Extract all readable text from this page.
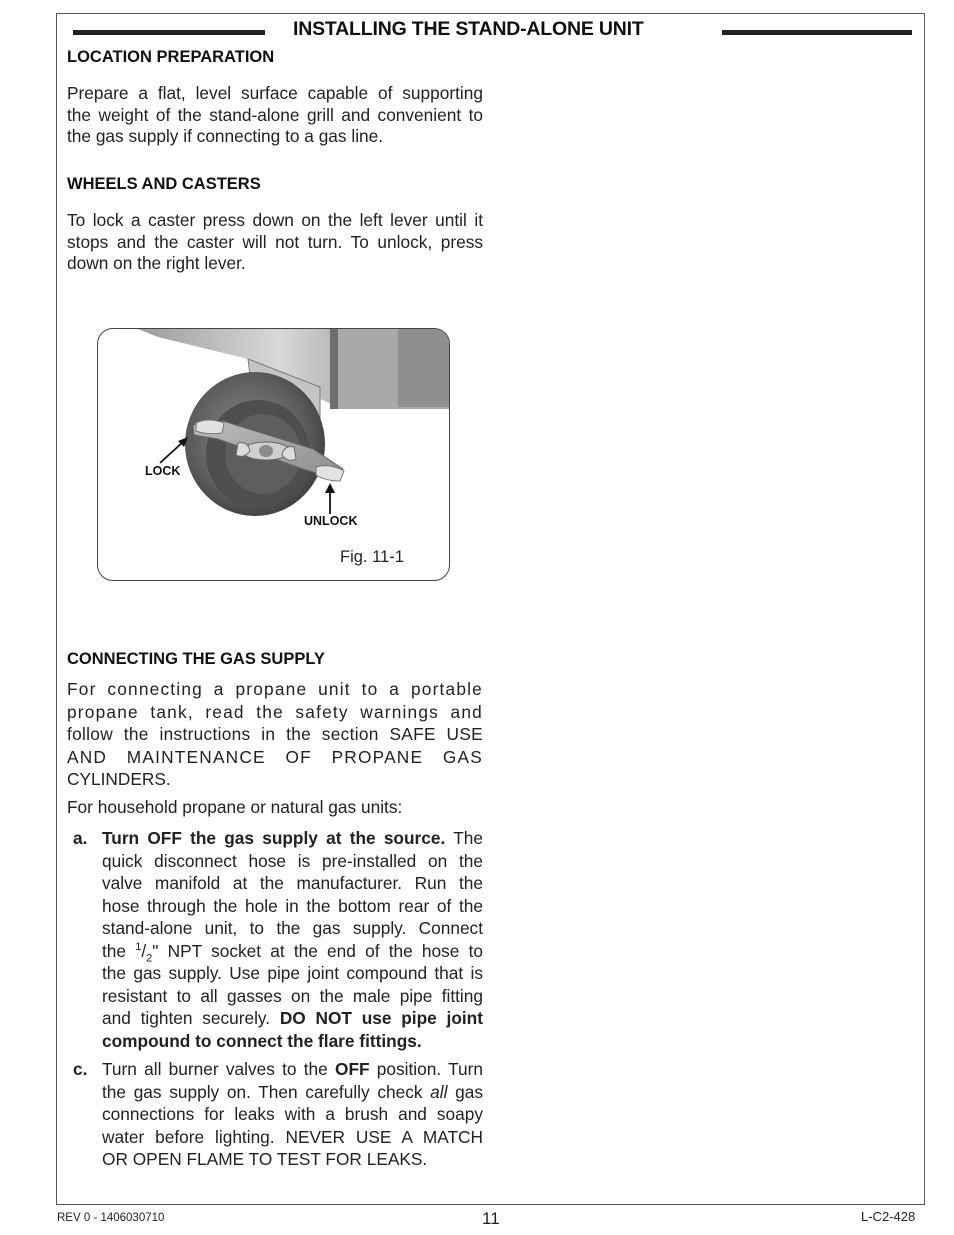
INSTALLING THE STAND-ALONE UNIT
LOCATION PREPARATION
Prepare a flat, level surface capable of supporting
the weight of the stand-alone grill and convenient to
the gas supply if connecting to a gas line.
WHEELS AND CASTERS
To lock a caster press down on the left lever until it
stops and the caster will not turn. To unlock, press
down on the right lever.
LOCK
UNLOCK
Fig. 11-1
CONNECTING THE GAS SUPPLY
For connecting a propane unit to a portable
propane tank, read the safety warnings and
follow the instructions in the section SAFE USE
AND MAINTENANCE OF PROPANE GAS
CYLINDERS.
For household propane or natural gas units:
a. Turn OFF the gas supply at the source. The
quick disconnect hose is pre-installed on the
valve manifold at the manufacturer. Run the
hose through the hole in the bottom rear of the
stand-alone unit, to the gas supply. Connect
the $^1/_2$" NPT socket at the end of the hose to
the gas supply. Use pipe joint compound that is
resistant to all gasses on the male pipe fitting
and tighten securely. DO NOT use pipe joint
compound to connect the flare fittings.
c. Turn all burner valves to the OFF position. Turn
the gas supply on. Then carefully check all gas
connections for leaks with a brush and soapy
water before lighting. NEVER USE A MATCH
OR OPEN FLAME TO TEST FOR LEAKS.
REV 0 - 1406030710	11	L-C2-428
